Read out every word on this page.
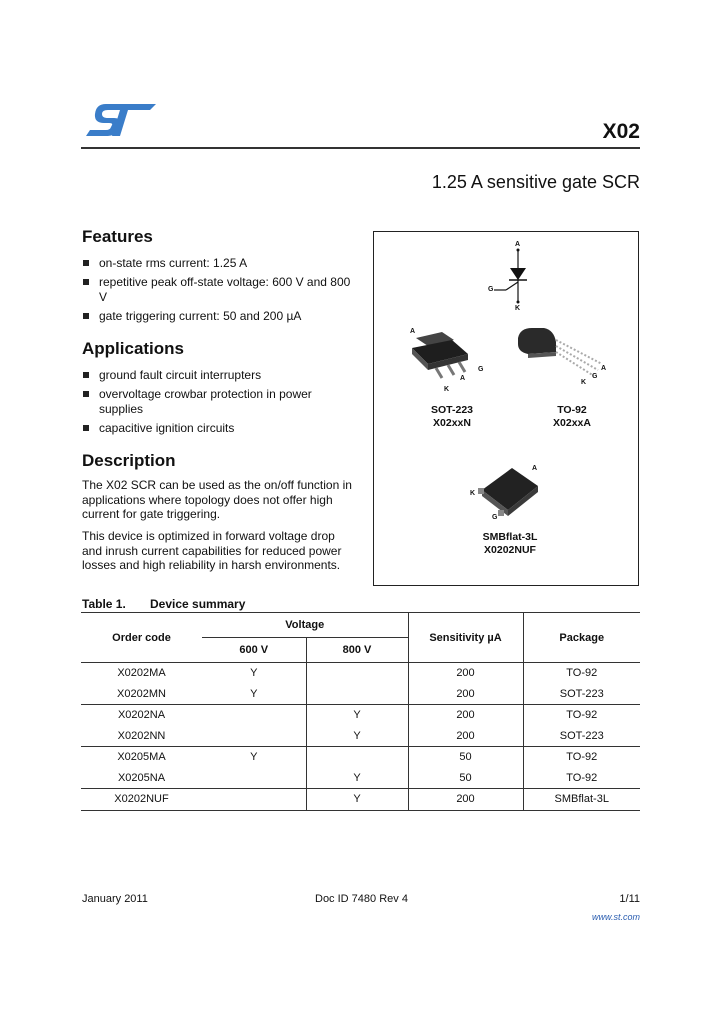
X02
1.25 A sensitive gate SCR
Features
on-state rms current: 1.25 A
repetitive peak off-state voltage: 600 V and 800 V
gate triggering current: 50 and 200 µA
Applications
ground fault circuit interrupters
overvoltage crowbar protection in power supplies
capacitive ignition circuits
Description

The X02 SCR can be used as the on/off function in applications where topology does not offer high current for gate triggering.

This device is optimized in forward voltage drop and inrush current capabilities for reduced power losses and high reliability in harsh environments.

A
G
K
A
K
A
G
SOT-223
X02xxN
K
G
A
TO-92
X02xxA
A
K
G
SMBflat-3L
X0202NUF
Table 1. Device summary
Order code	Voltage		Sensitivity µA	Package
	600 V	800 V		
X0202MA	Y		200	TO-92
X0202MN	Y		200	SOT-223
X0202NA		Y	200	TO-92
X0202NN		Y	200	SOT-223
X0205MA	Y		50	TO-92
X0205NA		Y	50	TO-92
X0202NUF		Y	200	SMBflat-3L
January 2011	Doc ID 7480 Rev 4	1/11
www.st.com
